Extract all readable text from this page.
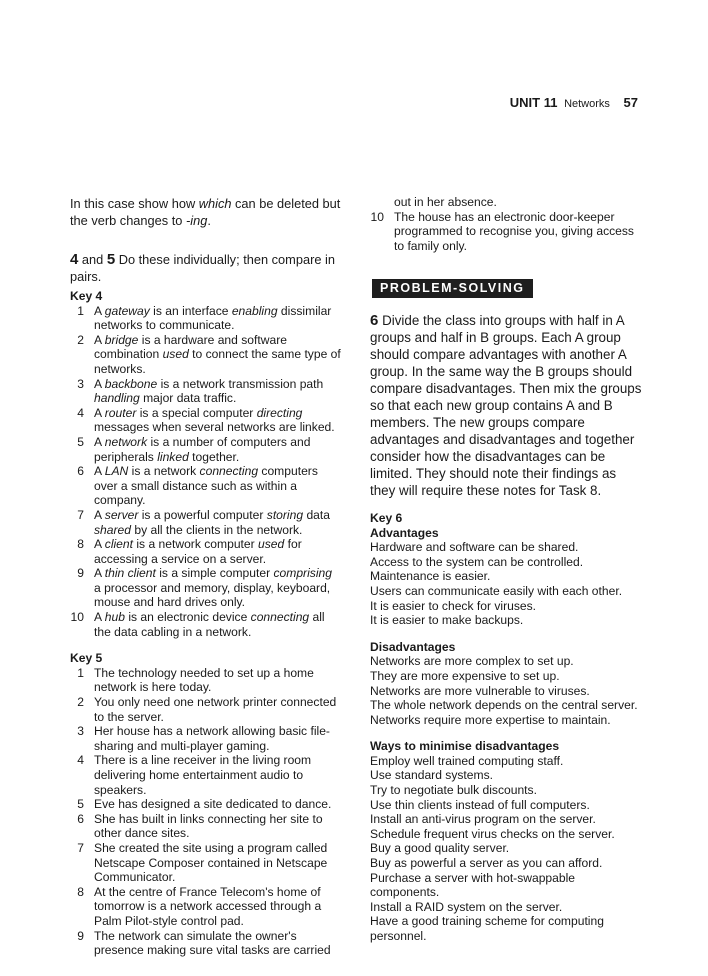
UNIT 11 Networks 57

In this case show how which can be deleted but the verb changes to -ing.

4 and 5 Do these individually; then compare in pairs.

Key 4
1 A gateway is an interface enabling dissimilar networks to communicate.
2 A bridge is a hardware and software combination used to connect the same type of networks.
3 A backbone is a network transmission path handling major data traffic.
4 A router is a special computer directing messages when several networks are linked.
5 A network is a number of computers and peripherals linked together.
6 A LAN is a network connecting computers over a small distance such as within a company.
7 A server is a powerful computer storing data shared by all the clients in the network.
8 A client is a network computer used for accessing a service on a server.
9 A thin client is a simple computer comprising a processor and memory, display, keyboard, mouse and hard drives only.
10 A hub is an electronic device connecting all the data cabling in a network.
Key 5
1 The technology needed to set up a home network is here today.
2 You only need one network printer connected to the server.
3 Her house has a network allowing basic file-sharing and multi-player gaming.
4 There is a line receiver in the living room delivering home entertainment audio to speakers.
5 Eve has designed a site dedicated to dance.
6 She has built in links connecting her site to other dance sites.
7 She created the site using a program called Netscape Composer contained in Netscape Communicator.
8 At the centre of France Telecom's home of tomorrow is a network accessed through a Palm Pilot-style control pad.
9 The network can simulate the owner's presence making sure vital tasks are carried
out in her absence.
10 The house has an electronic door-keeper programmed to recognise you, giving access to family only.
PROBLEM-SOLVING

6 Divide the class into groups with half in A groups and half in B groups. Each A group should compare advantages with another A group. In the same way the B groups should compare disadvantages. Then mix the groups so that each new group contains A and B members. The new groups compare advantages and disadvantages and together consider how the disadvantages can be limited. They should note their findings as they will require these notes for Task 8.

Key 6
Advantages
Hardware and software can be shared.
Access to the system can be controlled.
Maintenance is easier.
Users can communicate easily with each other.
It is easier to check for viruses.
It is easier to make backups.
Disadvantages
Networks are more complex to set up.
They are more expensive to set up.
Networks are more vulnerable to viruses.
The whole network depends on the central server.
Networks require more expertise to maintain.
Ways to minimise disadvantages
Employ well trained computing staff.
Use standard systems.
Try to negotiate bulk discounts.
Use thin clients instead of full computers.
Install an anti-virus program on the server.
Schedule frequent virus checks on the server.
Buy a good quality server.
Buy as powerful a server as you can afford.
Purchase a server with hot-swappable components.
Install a RAID system on the server.
Have a good training scheme for computing personnel.
